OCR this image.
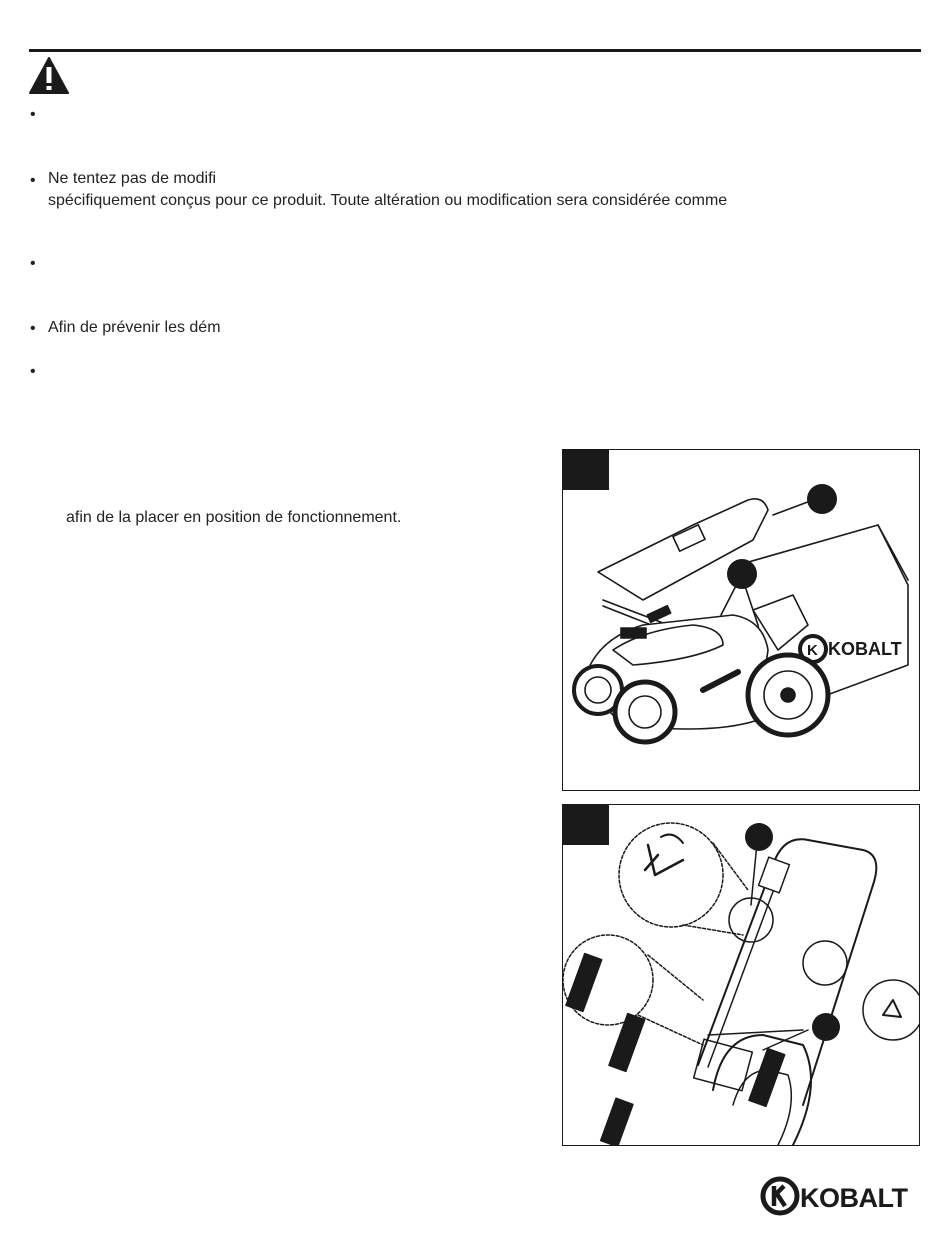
•
• Ne tentez pas de modifi
spécifiquement conçus pour ce produit. Toute altération ou modification sera considérée comme
•
• Afin de prévenir les dém
•
afin de la placer en position de fonctionnement.
K KOBALT
KOBALT
